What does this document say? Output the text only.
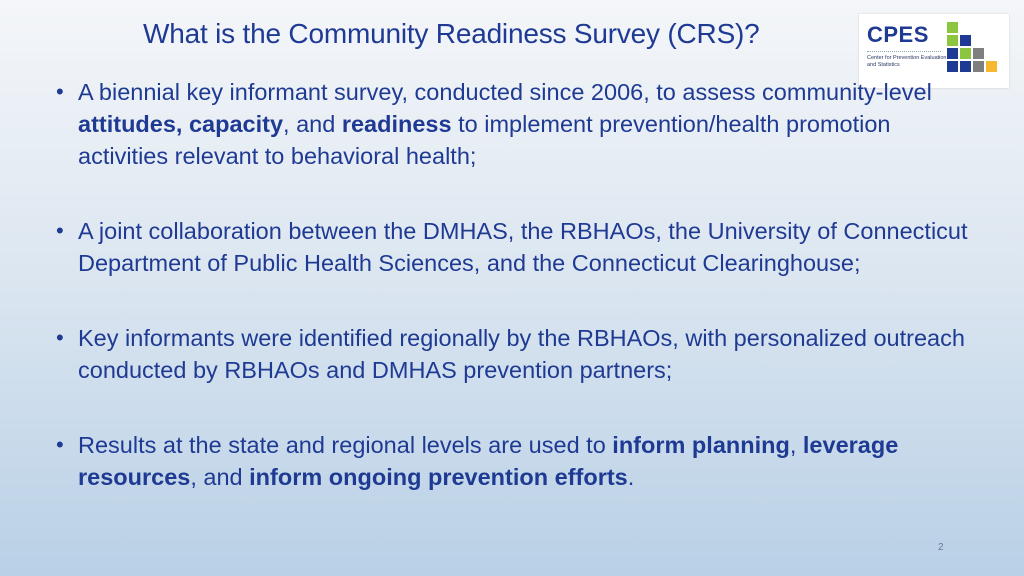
What is the Community Readiness Survey (CRS)?	CPES
Center for Prevention Evaluation and Statistics
• A biennial key informant survey, conducted since 2006, to assess community-level attitudes, capacity, and readiness to implement prevention/health promotion activities relevant to behavioral health;
• A joint collaboration between the DMHAS, the RBHAOs, the University of Connecticut Department of Public Health Sciences, and the Connecticut Clearinghouse;
• Key informants were identified regionally by the RBHAOs, with personalized outreach conducted by RBHAOs and DMHAS prevention partners;
• Results at the state and regional levels are used to inform planning, leverage resources, and inform ongoing prevention efforts.
2
